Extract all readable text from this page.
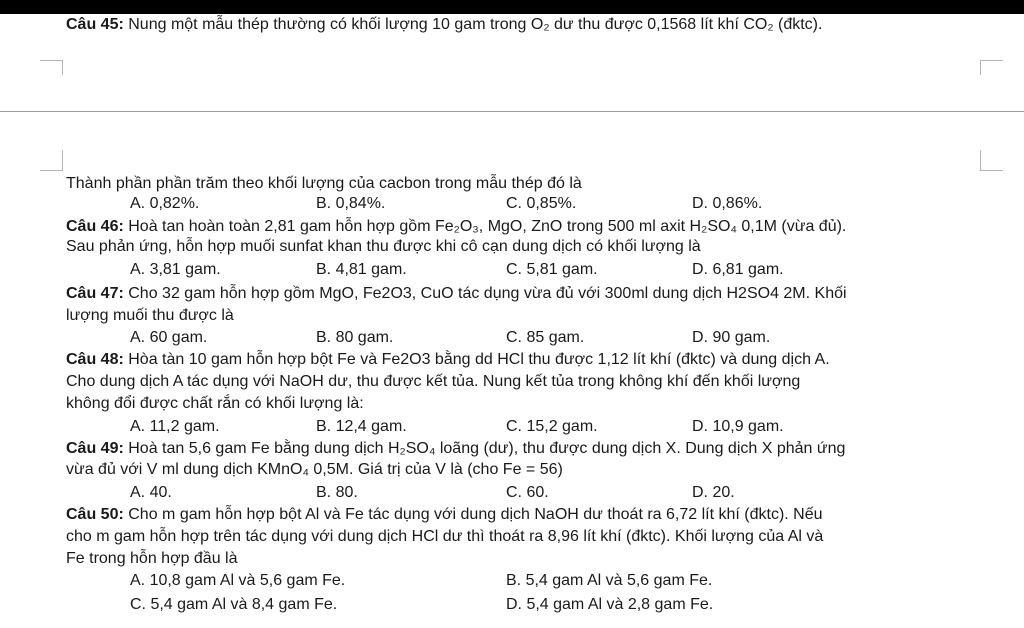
Câu 45: Nung một mẫu thép thường có khối lượng 10 gam trong O₂ dư thu được 0,1568 lít khí CO₂ (đktc).
Thành phần phần trăm theo khối lượng của cacbon trong mẫu thép đó là
A. 0,82%.	B. 0,84%.	C. 0,85%.	D. 0,86%.
Câu 46: Hoà tan hoàn toàn 2,81 gam hỗn hợp gồm Fe₂O₃, MgO, ZnO trong 500 ml axit H₂SO₄ 0,1M (vừa đủ).
Sau phản ứng, hỗn hợp muối sunfat khan thu được khi cô cạn dung dịch có khối lượng là
A. 3,81 gam.	B. 4,81 gam.	C. 5,81 gam.	D. 6,81 gam.
Câu 47: Cho 32 gam hỗn hợp gồm MgO, Fe2O3, CuO tác dụng vừa đủ với 300ml dung dịch H2SO4 2M. Khối
lượng muối thu được là
A. 60 gam.	B. 80 gam.	C. 85 gam.	D. 90 gam.
Câu 48: Hòa tàn 10 gam hỗn hợp bột Fe và Fe2O3 bằng dd HCl thu được 1,12 lít khí (đktc) và dung dịch A.
Cho dung dịch A tác dụng với NaOH dư, thu được kết tủa. Nung kết tủa trong không khí đến khối lượng
không đổi được chất rắn có khối lượng là:
A. 11,2 gam.	B. 12,4 gam.	C. 15,2 gam.	D. 10,9 gam.
Câu 49: Hoà tan 5,6 gam Fe bằng dung dịch H₂SO₄ loãng (dư), thu được dung dịch X. Dung dịch X phản ứng
vừa đủ với V ml dung dịch KMnO₄ 0,5M. Giá trị của V là (cho Fe = 56)
A. 40.	B. 80.	C. 60.	D. 20.
Câu 50: Cho m gam hỗn hợp bột Al và Fe tác dụng với dung dịch NaOH dư thoát ra 6,72 lít khí (đktc). Nếu
cho m gam hỗn hợp trên tác dụng với dung dịch HCl dư thì thoát ra 8,96 lít khí (đktc). Khối lượng của Al và
Fe trong hỗn hợp đầu là
A. 10,8 gam Al và 5,6 gam Fe.	B. 5,4 gam Al và 5,6 gam Fe.
C. 5,4 gam Al và 8,4 gam Fe.	D. 5,4 gam Al và 2,8 gam Fe.
